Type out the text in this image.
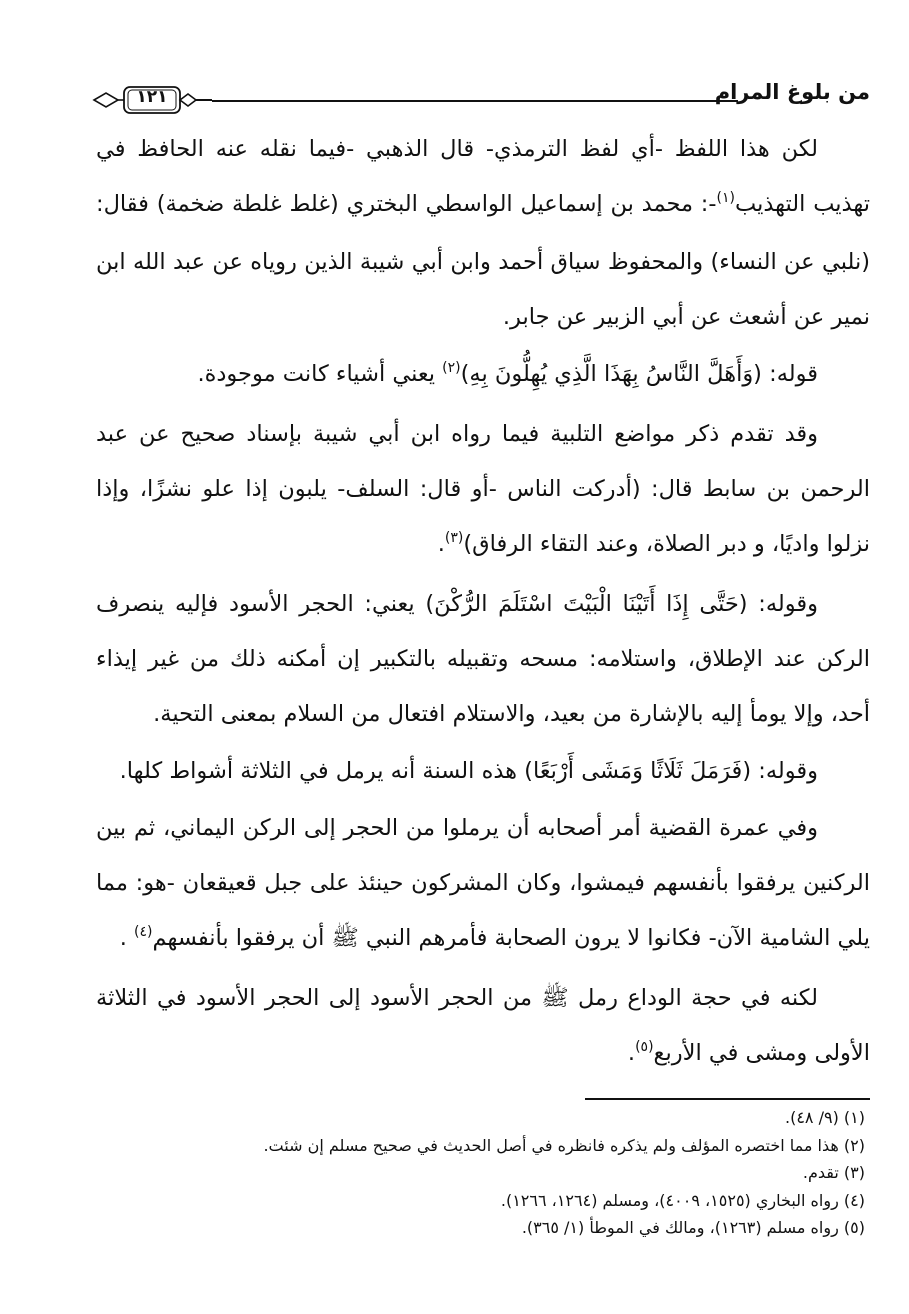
من بلوغ المرام
١٢١

لكن هذا اللفظ -أي لفظ الترمذي- قال الذهبي -فيما نقله عنه الحافظ في تهذيب التهذيب$^{(١)}$-: محمد بن إسماعيل الواسطي البختري (غلط غلطة ضخمة) فقال: (نلبي عن النساء) والمحفوظ سياق أحمد وابن أبي شيبة الذين روياه عن عبد الله ابن نمير عن أشعث عن أبي الزبير عن جابر.

قوله: (وَأَهَلَّ النَّاسُ بِهَذَا الَّذِي يُهِلُّونَ بِهِ)$^{(٢)}$ يعني أشياء كانت موجودة.

وقد تقدم ذكر مواضع التلبية فيما رواه ابن أبي شيبة بإسناد صحيح عن عبد الرحمن بن سابط قال: (أدركت الناس -أو قال: السلف- يلبون إذا علو نشزًا، وإذا نزلوا واديًا، و دبر الصلاة، وعند التقاء الرفاق)$^{(٣)}$.

وقوله: (حَتَّى إِذَا أَتَيْنَا الْبَيْتَ اسْتَلَمَ الرُّكْنَ) يعني: الحجر الأسود فإليه ينصرف الركن عند الإطلاق، واستلامه: مسحه وتقبيله بالتكبير إن أمكنه ذلك من غير إيذاء أحد، وإلا يومأ إليه بالإشارة من بعيد، والاستلام افتعال من السلام بمعنى التحية.

وقوله: (فَرَمَلَ ثَلَاثًا وَمَشَى أَرْبَعًا) هذه السنة أنه يرمل في الثلاثة أشواط كلها.

وفي عمرة القضية أمر أصحابه أن يرملوا من الحجر إلى الركن اليماني، ثم بين الركنين يرفقوا بأنفسهم فيمشوا، وكان المشركون حينئذ على جبل قعيقعان -هو: مما يلي الشامية الآن- فكانوا لا يرون الصحابة فأمرهم النبي ﷺ أن يرفقوا بأنفسهم$^{(٤)}$ .

لكنه في حجة الوداع رمل ﷺ من الحجر الأسود إلى الحجر الأسود في الثلاثة الأولى ومشى في الأربع$^{(٥)}$.

(١) (٩/ ٤٨).

(٢) هذا مما اختصره المؤلف ولم يذكره فانظره في أصل الحديث في صحيح مسلم إن شئت.

(٣) تقدم.

(٤) رواه البخاري (١٥٢٥، ٤٠٠٩)، ومسلم (١٢٦٤، ١٢٦٦).

(٥) رواه مسلم (١٢٦٣)، ومالك في الموطأ (١/ ٣٦٥).
